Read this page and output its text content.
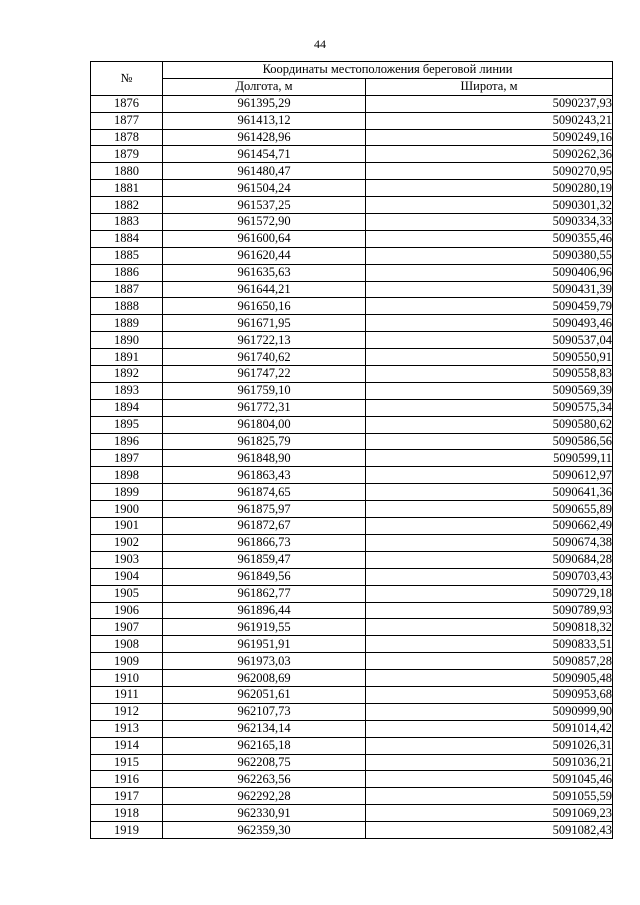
44
№	Координаты местоположения береговой линии	
	Долгота, м	Широта, м
1876	961395,29	5090237,93
1877	961413,12	5090243,21
1878	961428,96	5090249,16
1879	961454,71	5090262,36
1880	961480,47	5090270,95
1881	961504,24	5090280,19
1882	961537,25	5090301,32
1883	961572,90	5090334,33
1884	961600,64	5090355,46
1885	961620,44	5090380,55
1886	961635,63	5090406,96
1887	961644,21	5090431,39
1888	961650,16	5090459,79
1889	961671,95	5090493,46
1890	961722,13	5090537,04
1891	961740,62	5090550,91
1892	961747,22	5090558,83
1893	961759,10	5090569,39
1894	961772,31	5090575,34
1895	961804,00	5090580,62
1896	961825,79	5090586,56
1897	961848,90	5090599,11
1898	961863,43	5090612,97
1899	961874,65	5090641,36
1900	961875,97	5090655,89
1901	961872,67	5090662,49
1902	961866,73	5090674,38
1903	961859,47	5090684,28
1904	961849,56	5090703,43
1905	961862,77	5090729,18
1906	961896,44	5090789,93
1907	961919,55	5090818,32
1908	961951,91	5090833,51
1909	961973,03	5090857,28
1910	962008,69	5090905,48
1911	962051,61	5090953,68
1912	962107,73	5090999,90
1913	962134,14	5091014,42
1914	962165,18	5091026,31
1915	962208,75	5091036,21
1916	962263,56	5091045,46
1917	962292,28	5091055,59
1918	962330,91	5091069,23
1919	962359,30	5091082,43
